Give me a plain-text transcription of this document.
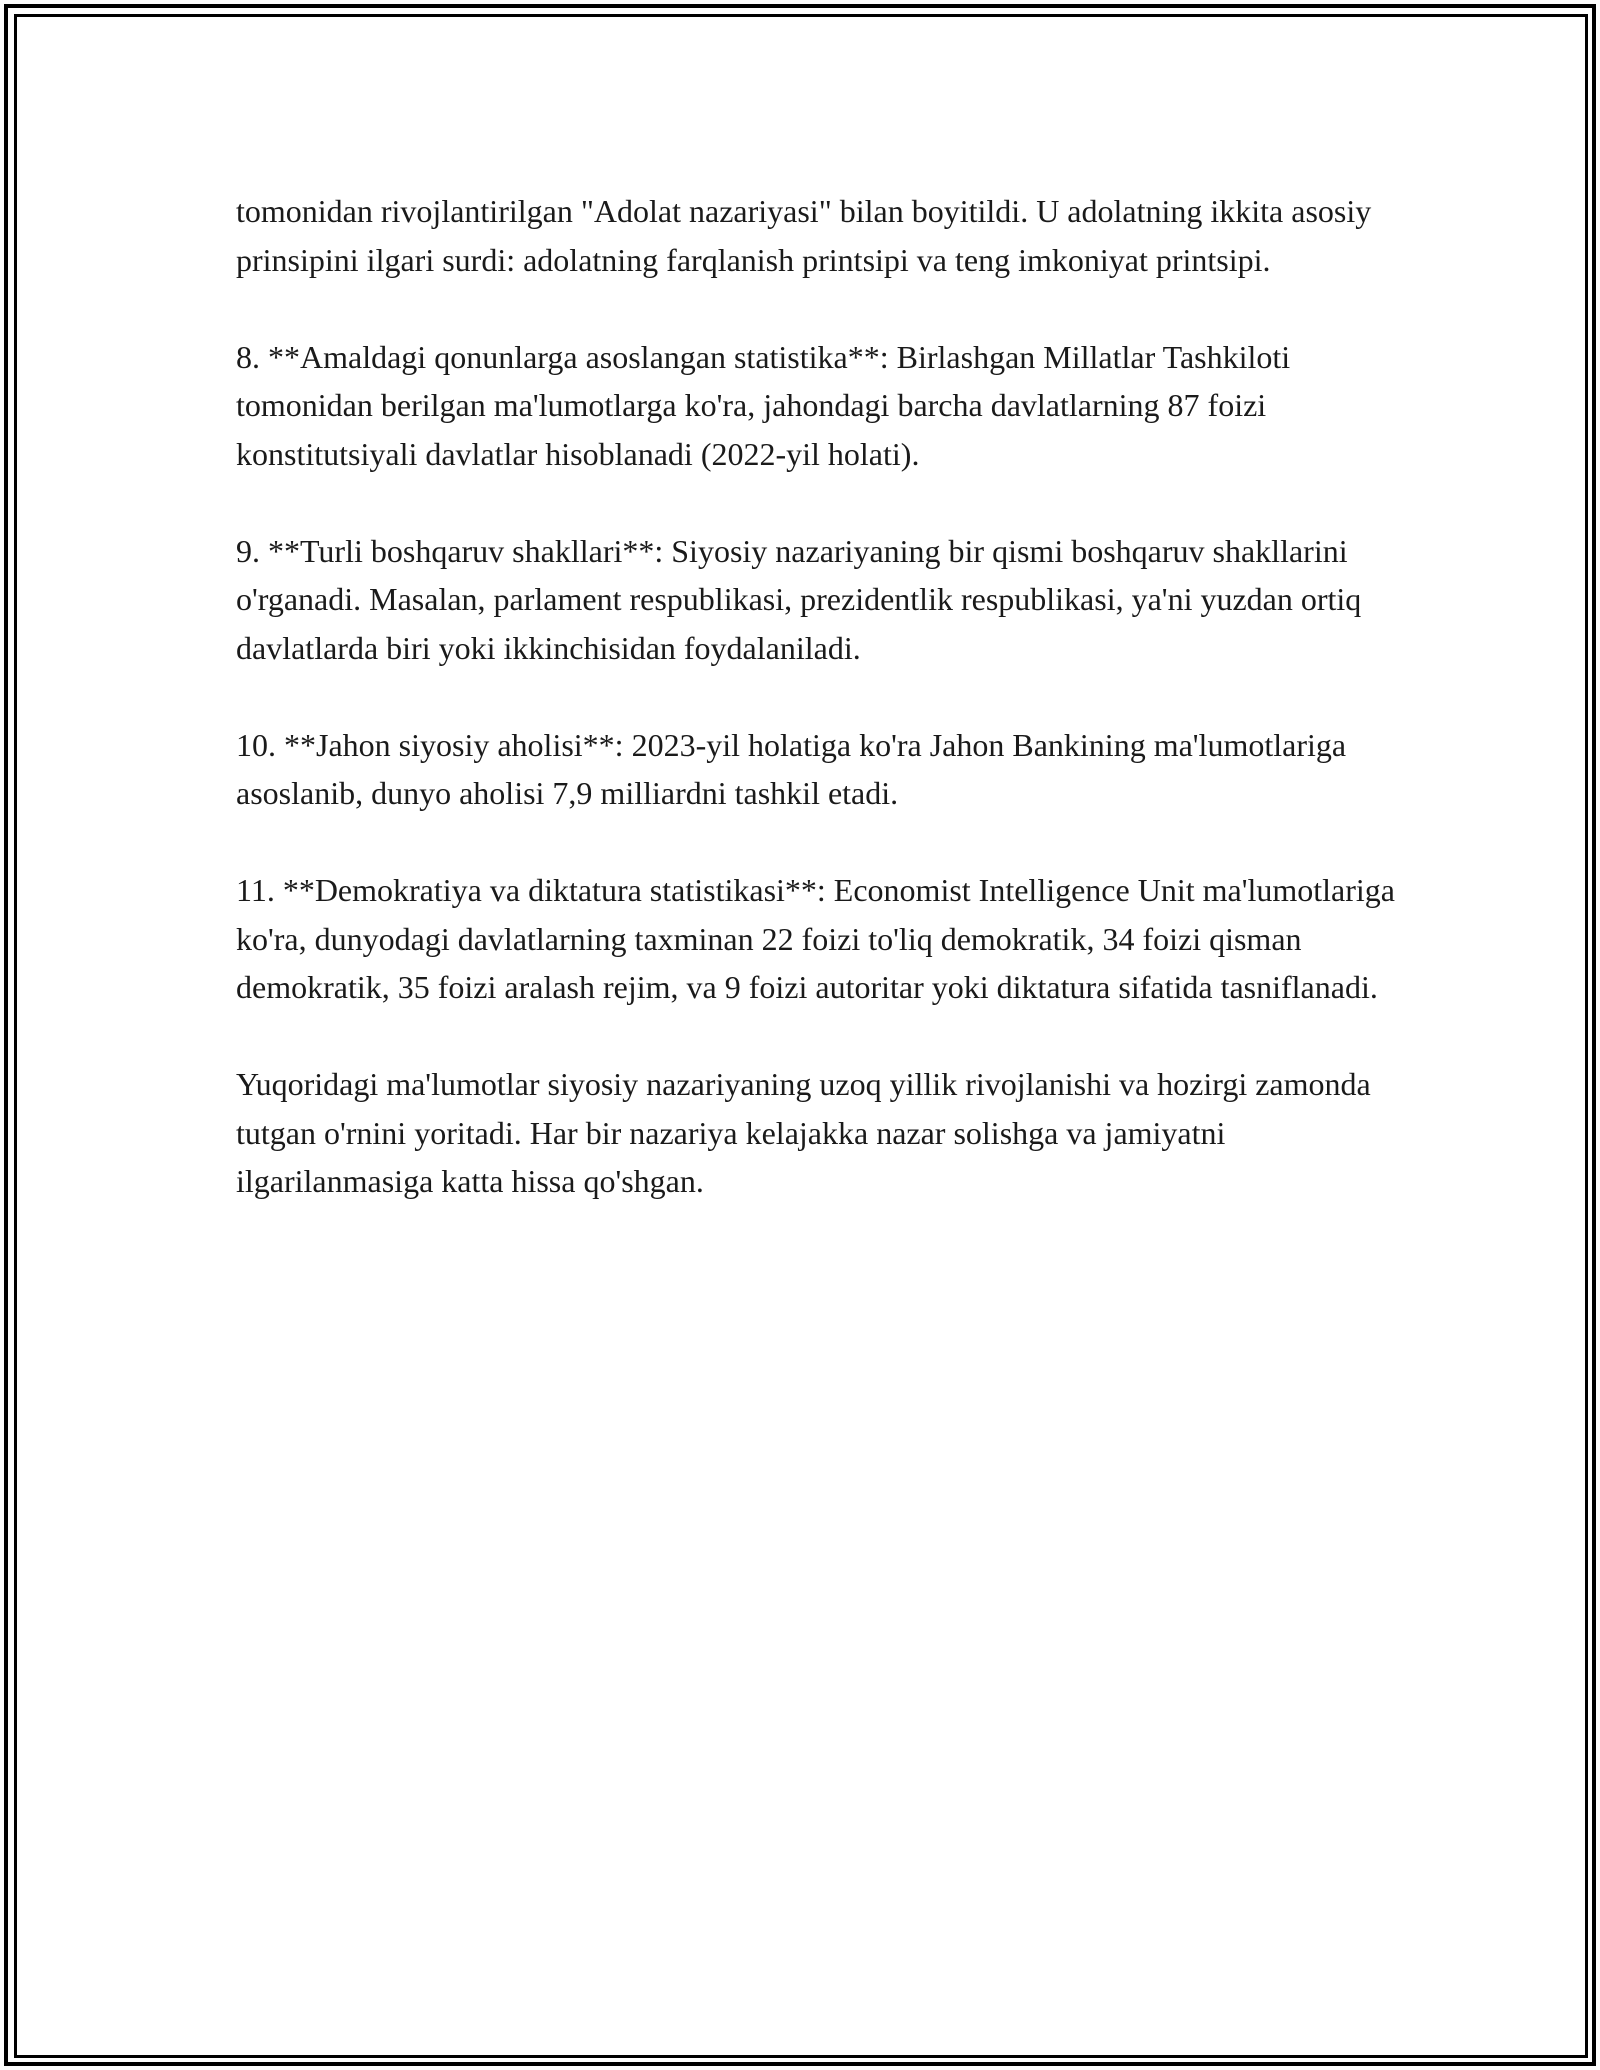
tomonidan rivojlantirilgan "Adolat nazariyasi" bilan boyitildi. U adolatning ikkita asosiy prinsipini ilgari surdi: adolatning farqlanish printsipi va teng imkoniyat printsipi.

8. **Amaldagi qonunlarga asoslangan statistika**: Birlashgan Millatlar Tashkiloti tomonidan berilgan ma'lumotlarga ko'ra, jahondagi barcha davlatlarning 87 foizi konstitutsiyali davlatlar hisoblanadi (2022-yil holati).

9. **Turli boshqaruv shakllari**: Siyosiy nazariyaning bir qismi boshqaruv shakllarini o'rganadi. Masalan, parlament respublikasi, prezidentlik respublikasi, ya'ni yuzdan ortiq davlatlarda biri yoki ikkinchisidan foydalaniladi.

10. **Jahon siyosiy aholisi**: 2023-yil holatiga ko'ra Jahon Bankining ma'lumotlariga asoslanib, dunyo aholisi 7,9 milliardni tashkil etadi.

11. **Demokratiya va diktatura statistikasi**: Economist Intelligence Unit ma'lumotlariga ko'ra, dunyodagi davlatlarning taxminan 22 foizi to'liq demokratik, 34 foizi qisman demokratik, 35 foizi aralash rejim, va 9 foizi autoritar yoki diktatura sifatida tasniflanadi.

Yuqoridagi ma'lumotlar siyosiy nazariyaning uzoq yillik rivojlanishi va hozirgi zamonda tutgan o'rnini yoritadi. Har bir nazariya kelajakka nazar solishga va jamiyatni ilgarilanmasiga katta hissa qo'shgan.
